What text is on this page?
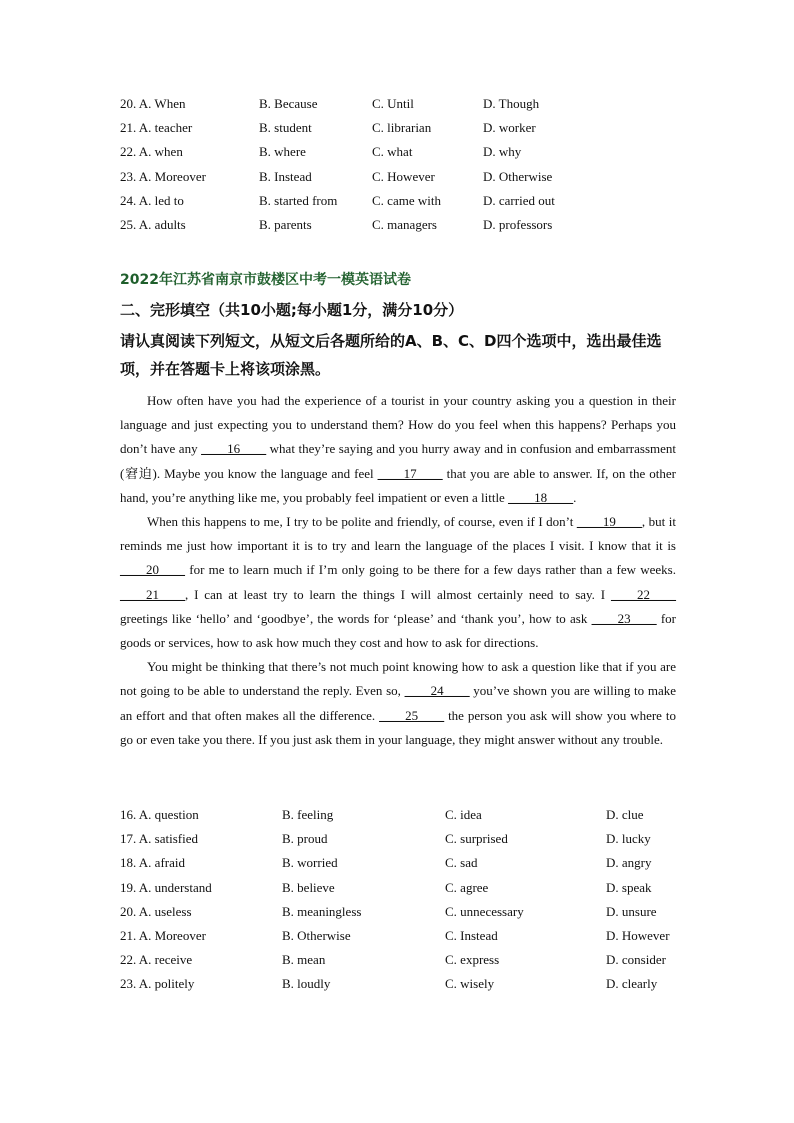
20. A. When	B. Because	C. Until	D. Though
21. A. teacher	B. student	C. librarian	D. worker
22. A. when	B. where	C. what	D. why
23. A. Moreover	B. Instead	C. However	D. Otherwise
24. A. led to	B. started from	C. came with	D. carried out
25. A. adults	B. parents	C. managers	D. professors
2022年江苏省南京市鼓楼区中考一模英语试卷
二、完形填空（共10小题;每小题1分，满分10分）
请认真阅读下列短文，从短文后各题所给的A、B、C、D四个选项中，选出最佳选项，并在答题卡上将该项涂黑。

How often have you had the experience of a tourist in your country asking you a question in their language and just expecting you to understand them? How do you feel when this happens? Perhaps you don’t have any ____16____ what they’re saying and you hurry away and in confusion and embarrassment (窘迫). Maybe you know the language and feel ____17____ that you are able to answer. If, on the other hand, you’re anything like me, you probably feel impatient or even a little ____18____.

When this happens to me, I try to be polite and friendly, of course, even if I don’t ____19____, but it reminds me just how important it is to try and learn the language of the places I visit. I know that it is ____20____ for me to learn much if I’m only going to be there for a few days rather than a few weeks. ____21____, I can at least try to learn the things I will almost certainly need to say. I ____22____ greetings like ‘hello’ and ‘goodbye’, the words for ‘please’ and ‘thank you’, how to ask ____23____ for goods or services, how to ask how much they cost and how to ask for directions.

You might be thinking that there’s not much point knowing how to ask a question like that if you are not going to be able to understand the reply. Even so, ____24____ you’ve shown you are willing to make an effort and that often makes all the difference. ____25____ the person you ask will show you where to go or even take you there. If you just ask them in your language, they might answer without any trouble.

16. A. question	B. feeling	C. idea	D. clue
17. A. satisfied	B. proud	C. surprised	D. lucky
18. A. afraid	B. worried	C. sad	D. angry
19. A. understand	B. believe	C. agree	D. speak
20. A. useless	B. meaningless	C. unnecessary	D. unsure
21. A. Moreover	B. Otherwise	C. Instead	D. However
22. A. receive	B. mean	C. express	D. consider
23. A. politely	B. loudly	C. wisely	D. clearly
